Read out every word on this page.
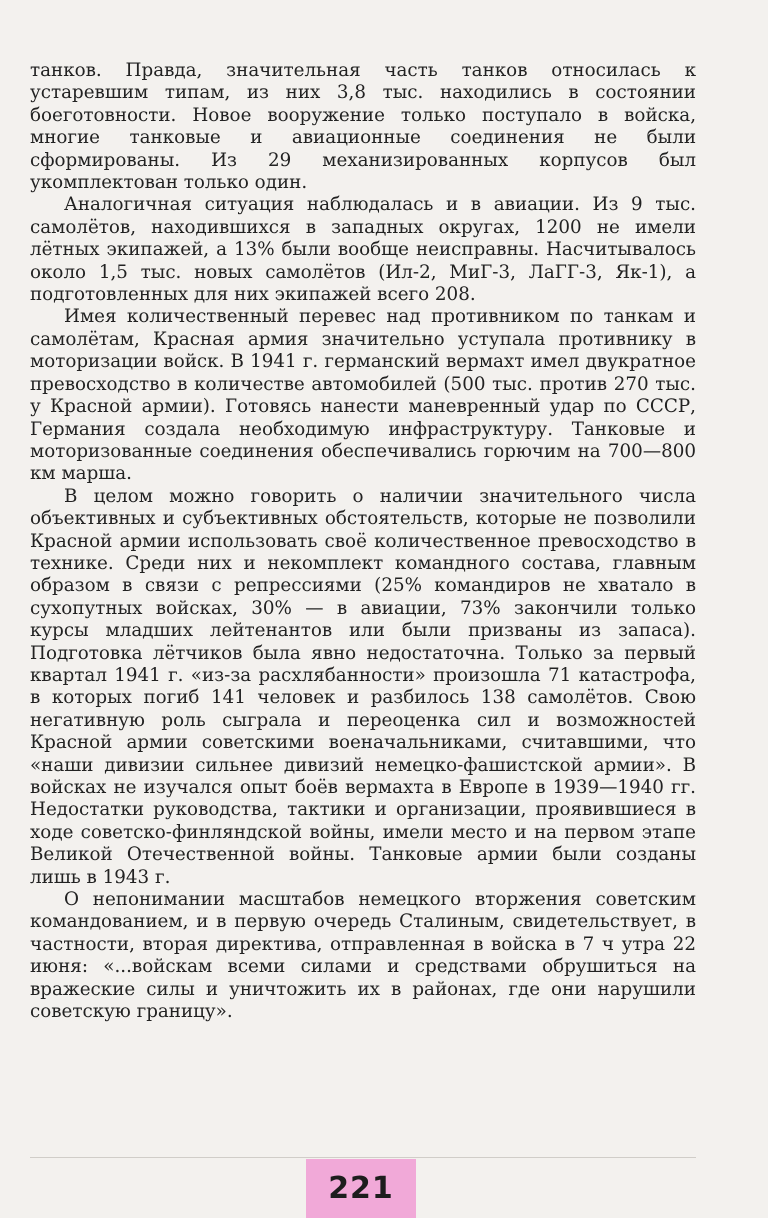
танков. Правда, значительная часть танков относилась к устаревшим типам, из них 3,8 тыс. находились в состоянии боеготовности. Новое вооружение только поступало в войска, многие танковые и авиационные соединения не были сформированы. Из 29 механизированных корпусов был укомплектован только один.

Аналогичная ситуация наблюдалась и в авиации. Из 9 тыс. самолётов, находившихся в западных округах, 1200 не имели лётных экипажей, а 13% были вообще неисправны. Насчитывалось около 1,5 тыс. новых самолётов (Ил-2, МиГ-3, ЛаГГ-3, Як-1), а подготовленных для них экипажей всего 208.

Имея количественный перевес над противником по танкам и самолётам, Красная армия значительно уступала противнику в моторизации войск. В 1941 г. германский вермахт имел двукратное превосходство в количестве автомобилей (500 тыс. против 270 тыс. у Красной армии). Готовясь нанести маневренный удар по СССР, Германия создала необходимую инфраструктуру. Танковые и моторизованные соединения обеспечивались горючим на 700—800 км марша.

В целом можно говорить о наличии значительного числа объективных и субъективных обстоятельств, которые не позволили Красной армии использовать своё количественное превосходство в технике. Среди них и некомплект командного состава, главным образом в связи с репрессиями (25% командиров не хватало в сухопутных войсках, 30% — в авиации, 73% закончили только курсы младших лейтенантов или были призваны из запаса). Подготовка лётчиков была явно недостаточна. Только за первый квартал 1941 г. «из-за расхлябанности» произошла 71 катастрофа, в которых погиб 141 человек и разбилось 138 самолётов. Свою негативную роль сыграла и переоценка сил и возможностей Красной армии советскими военачальниками, считавшими, что «наши дивизии сильнее дивизий немецко-фашистской армии». В войсках не изучался опыт боёв вермахта в Европе в 1939—1940 гг. Недостатки руководства, тактики и организации, проявившиеся в ходе советско-финляндской войны, имели место и на первом этапе Великой Отечественной войны. Танковые армии были созданы лишь в 1943 г.

О непонимании масштабов немецкого вторжения советским командованием, и в первую очередь Сталиным, свидетельствует, в частности, вторая директива, отправленная в войска в 7 ч утра 22 июня: «...войскам всеми силами и средствами обрушиться на вражеские силы и уничтожить их в районах, где они нарушили советскую границу».

221
